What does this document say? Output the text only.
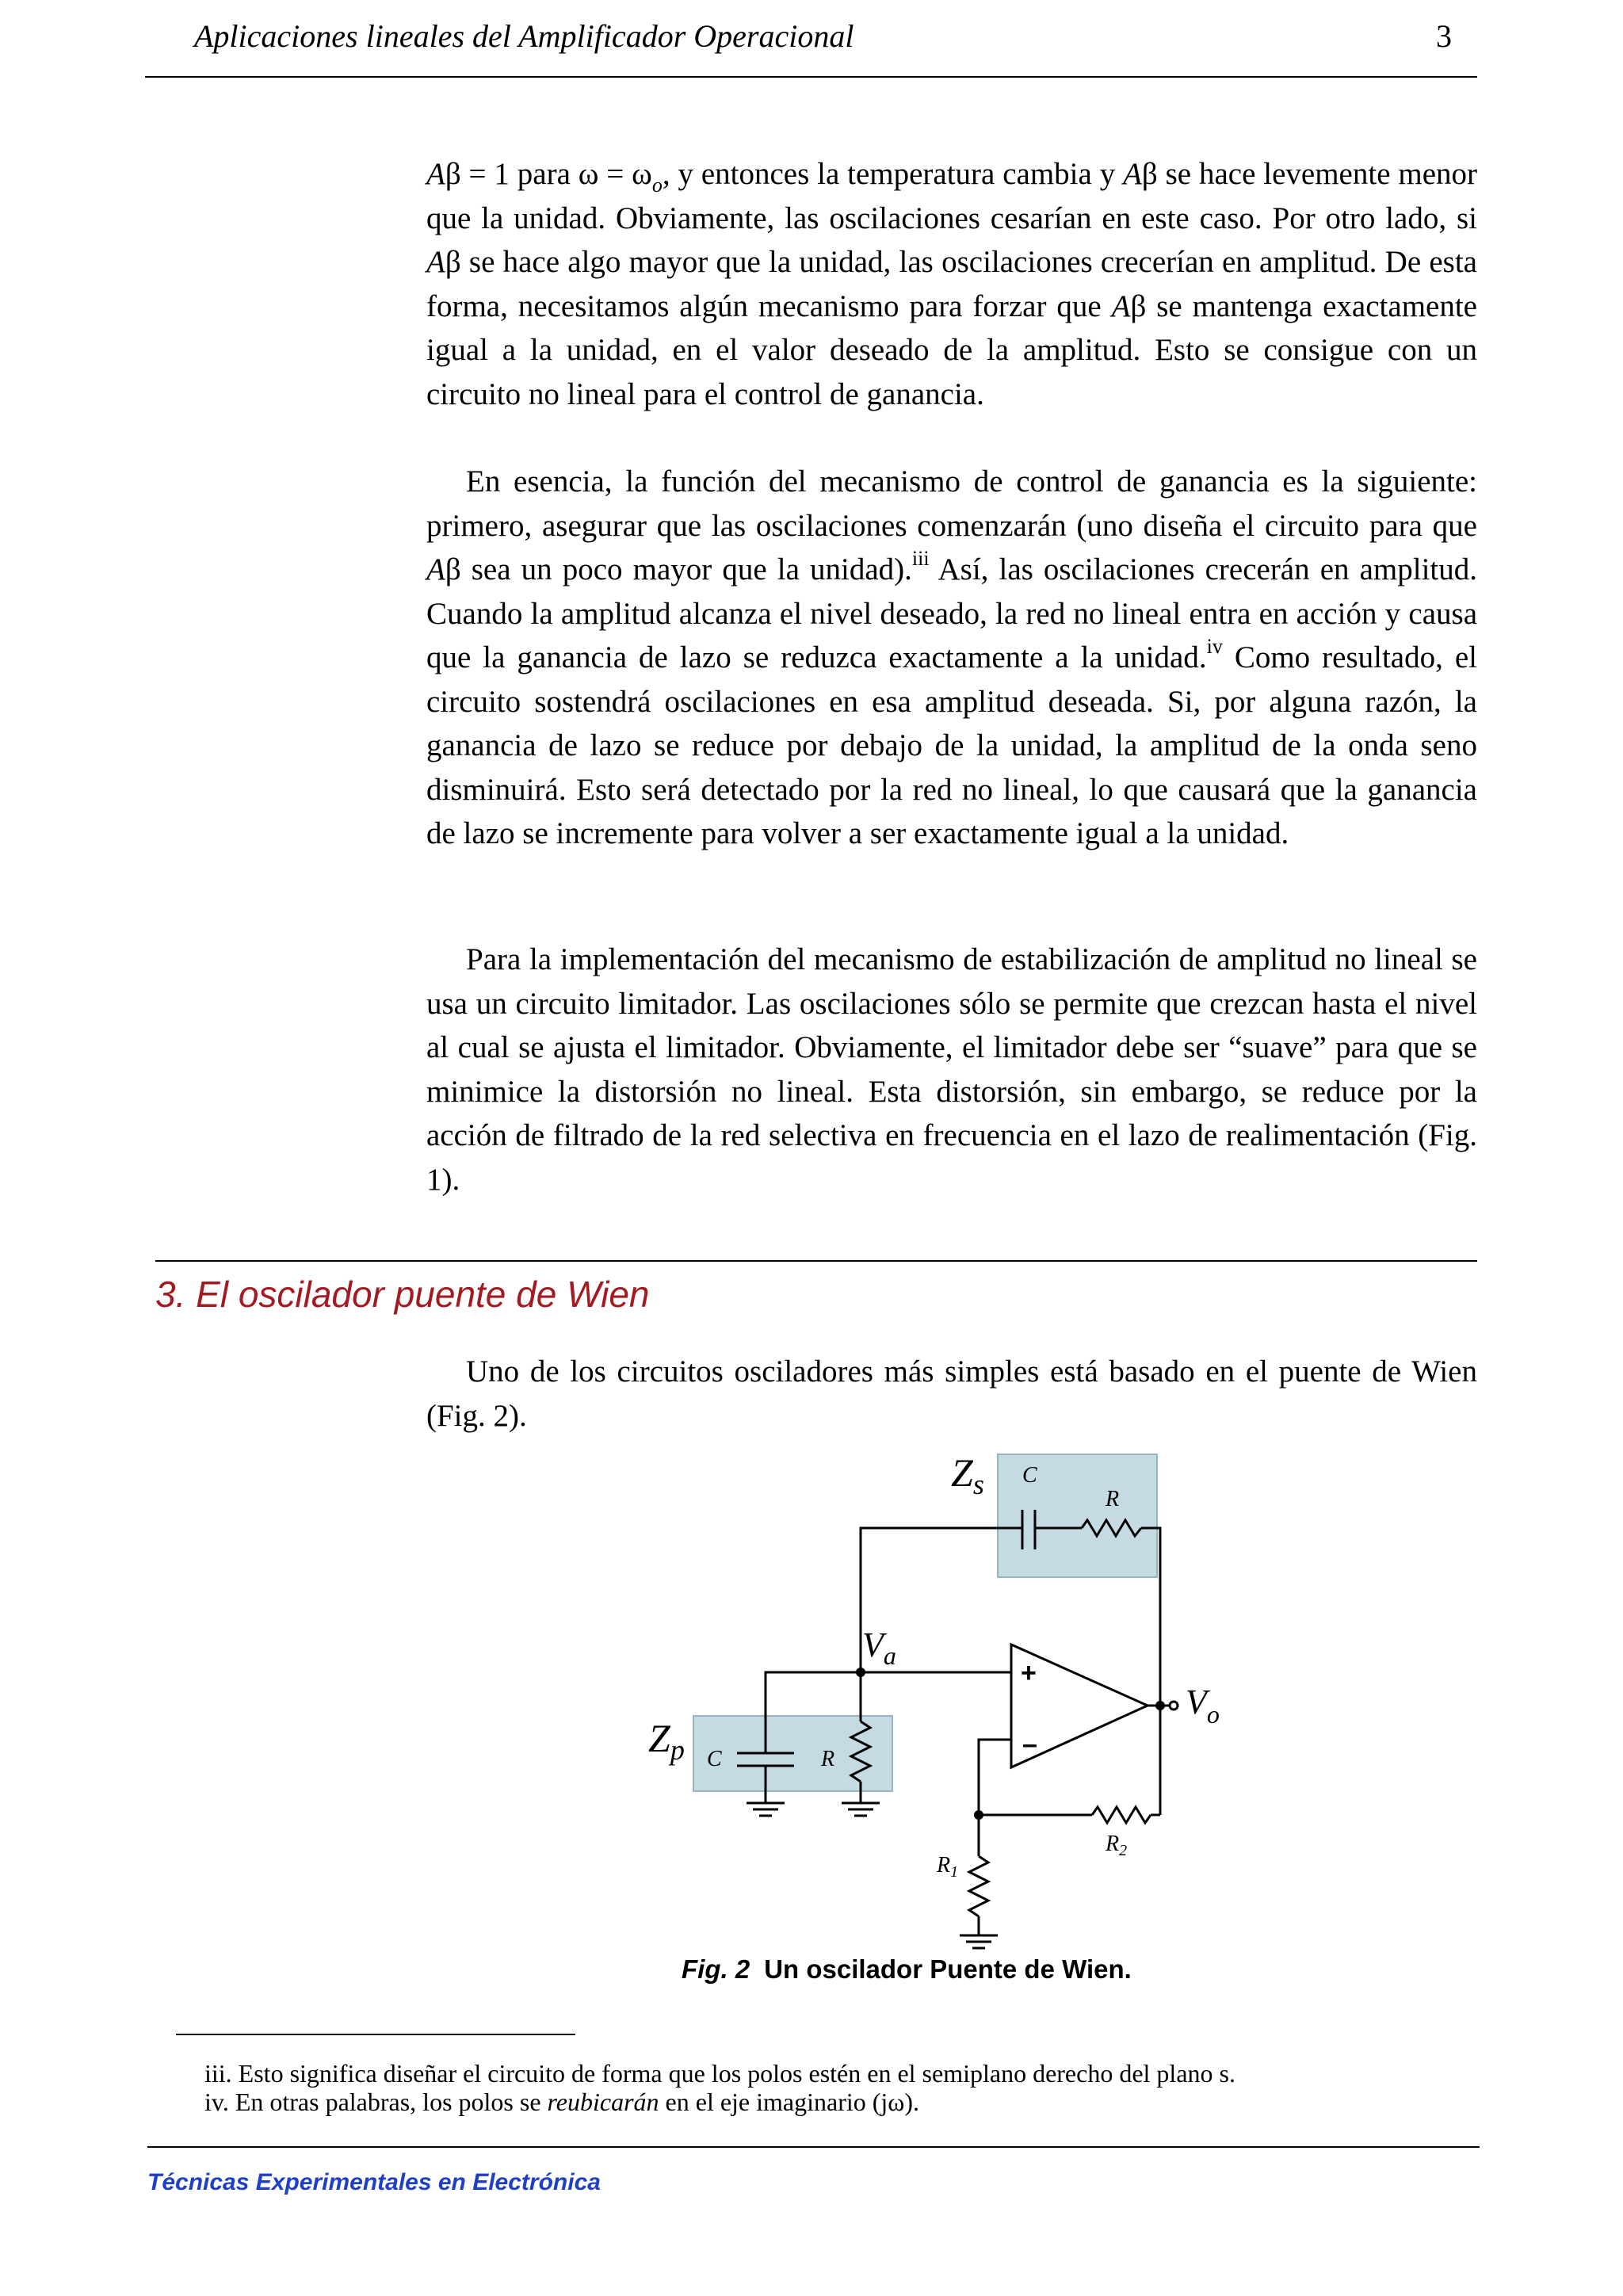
Aplicaciones lineales del Amplificador Operacional	3

Aβ = 1 para $\omega = \omega_o$, y entonces la temperatura cambia y Aβ se hace levemente menor que la unidad. Obviamente, las oscilaciones cesarían en este caso. Por otro lado, si Aβ se hace algo mayor que la unidad, las oscilaciones crecerían en amplitud. De esta forma, necesitamos algún mecanismo para forzar que Aβ se mantenga exactamente igual a la unidad, en el valor deseado de la amplitud. Esto se consigue con un circuito no lineal para el control de ganancia.

En esencia, la función del mecanismo de control de ganancia es la siguiente: primero, asegurar que las oscilaciones comenzarán (uno diseña el circuito para que Aβ sea un poco mayor que la unidad).$^{iii}$ Así, las oscilaciones crecerán en amplitud. Cuando la amplitud alcanza el nivel deseado, la red no lineal entra en acción y causa que la ganancia de lazo se reduzca exactamente a la unidad.$^{iv}$ Como resultado, el circuito sostendrá oscilaciones en esa amplitud deseada. Si, por alguna razón, la ganancia de lazo se reduce por debajo de la unidad, la amplitud de la onda seno disminuirá. Esto será detectado por la red no lineal, lo que causará que la ganancia de lazo se incremente para volver a ser exactamente igual a la unidad.

Para la implementación del mecanismo de estabilización de amplitud no lineal se usa un circuito limitador. Las oscilaciones sólo se permite que crezcan hasta el nivel al cual se ajusta el limitador. Obviamente, el limitador debe ser “suave” para que se minimice la distorsión no lineal. Esta distorsión, sin embargo, se reduce por la acción de filtrado de la red selectiva en frecuencia en el lazo de realimentación (Fig. 1).

3. El oscilador puente de Wien

Uno de los circuitos osciladores más simples está basado en el puente de Wien (Fig. 2).

$Z_s$ C
R
$V_a$
$V_o$
$Z_p$ C	R
$R_1$
$R_2$
+
–
Fig. 2 Un oscilador Puente de Wien.
iii. Esto significa diseñar el circuito de forma que los polos estén en el semiplano derecho del plano s.
iv. En otras palabras, los polos se reubicarán en el eje imaginario (jω).
Técnicas Experimentales en Electrónica
